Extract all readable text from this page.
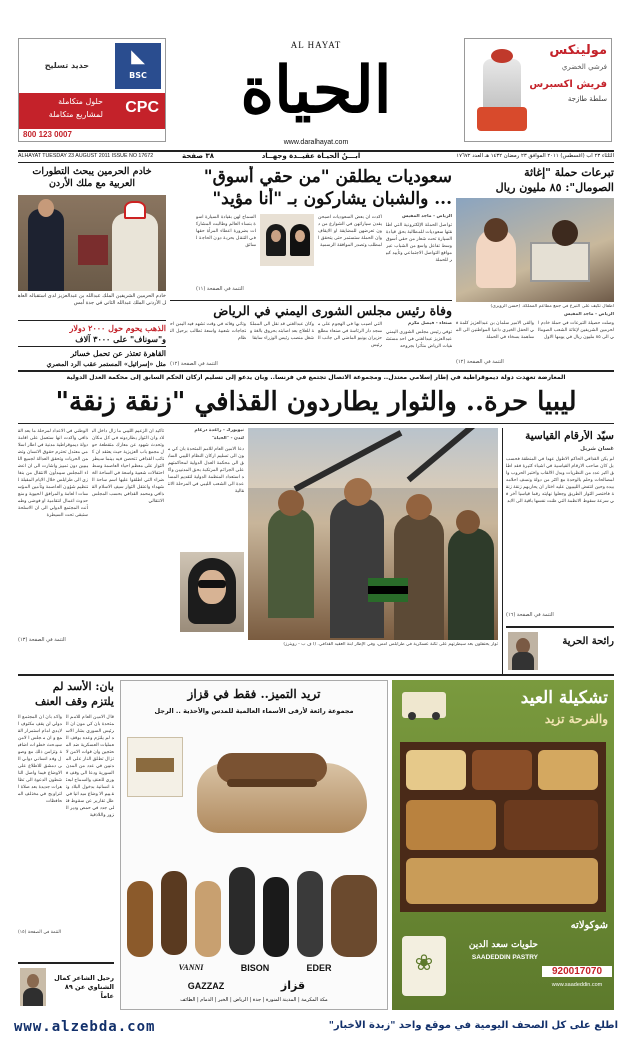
حديد تسليح	◣
BSC
CPC
حلول متكاملة
لمشاريع متكاملة
800 123 0007
AL HAYAT
الحياة
www.daralhayat.com
مولينكس
فرشي الخضري
فريش اكسبرس
سلطة طازجة
ALHAYAT TUESDAY 23 AUGUST 2011 ISSUE NO 17672	٣٨ صفحة	ابـــنُ الحيـاة عقيــدة وجهــاد	الثلثاء ٢٣ آب (أغسطس) ٢٠١١ الموافق ٢٣ رمضان ١٤٣٢ هـ العدد ١٧٦٧٢
خادم الحرمين يبحث التطورات العربية مع ملك الأردن
خادم الحرمين الشريفين الملك عبدالله بن عبدالعزيز لدى استقباله العاهل الأردني الملك عبدالله الثاني في جدة أمس
الذهب يحوم حول ٢٠٠٠ دولار
و"سوناف" على ٣٠٠٠ آلاف
القاهرة تعتذر عن تحمل خسائر
مثل «إسرائيل» المستمر عقب الرد المصري
سعوديات يطلقن "من حقي أسوق"
... والشبان يشاركون بـ "أنا مؤيد"
الرياض - ماجد المفيس
تواصل الحملة الإلكترونية التي أطلقتها سعوديات للمطالبة بحق قيادة السيارة تحت شعار من حقي أسوق وسط تفاعل واسع من الشباب عبر مواقع التواصل الاجتماعي وتأييد كبير للحملة
اكدت ان بعض السعوديات اصبحن يقدن سياراتهن في الشوارع من دون تعرضهن للمضايقة او الايقاف وان الحملة ستستمر حتى يتحقق المطلب وتصدر الموافقة الرسمية
السماح لهن بقيادة السيارة أسوة بنساء العالم وطالبت المشاركات بضرورة اعطاء المرأة حقها في التنقل بحرية دون الحاجة لسائق
التتمة في الصفحة (١١)
تبرعات حملة "إغاثة
الصومال": ٨٥ مليون ريال
أطفال تكيف على التبرع في جمع مطاعم المملكة. (حسن الزويري)
الرياض - ماجد المفيس
وصلت حصيلة التبرعات في حملة خادم الحرمين الشريفين لإغاثة الشعب الصومالي الى ٨٥ مليون ريال في يومها الاول
والقى الامير سلمان بن عبدالعزيز كلمة في الحفل الخيري داعيا المواطنين الى المساهمة بسخاء في الحملة
التتمة في الصفحة (١٢)
وفاة رئيس مجلس الشورى اليمني في الرياض
صنعاء - فيصل مكرم
توفي رئيس مجلس الشورى اليمني عبدالعزيز عبدالغني في احد مستشفيات الرياض متأثرا بجروحه
التي اصيب بها في الهجوم على مسجد دار الرئاسة في صنعاء مطلع حزيران يونيو الماضي الى جانب الرئيس
وكان عبدالغني قد نقل الى المملكة للعلاج بعد اصابته بحروق بالغة وشغل منصب رئيس الوزراء سابقا
وتأتي وفاته في وقت تشهد فيه اليمن احتجاجات شعبية واسعة تطالب برحيل النظام
التتمة في الصفحة (١٢)
المعارضة تعهدت دولة ديموقراطية في إطار إسلامي معتدل.. ومجموعة الاتصال تجتمع في فرنسا.. وبان يدعو إلى تسليم أركان الحكم السابق إلى محكمة العدل الدولية
ليبيا حرة.. والثوار يطاردون القذافي "زنقة زنقة"
الوطني في الاعداد لمرحلة ما بعد القذافي واكدت انها ستعمل على اقامة دولة ديموقراطية مدنية في اطار اسلامي معتدل تحترم حقوق الانسان وتضمن الحريات وتحقق العدالة لجميع الليبيين دون تمييز واشارت الى ان اعضاء المجلس سيبدأون الانتقال من بنغازي الى طرابلس خلال الايام المقبلة لتنظيم شؤون العاصمة وتأمين المؤسسات العامة والمرافق الحيوية ومنع حدوث اعمال انتقامية او فوضى وطمأنت المجتمع الدولي الى ان الاسلحة ستبقى تحت السيطرة
التتمة في الصفحة (١٣)
تأكيد ان الزعيم الليبي ما زال داخل البلاد وان الثوار يطاردونه في كل مكان وتحدث شهود عن معارك متقطعة حول مجمع باب العزيزية حيث يعتقد ان كتائب القذافي تتحصن فيه بينما سيطر الثوار على معظم احياء العاصمة وسط احتفالات شعبية واسعة في الساحة الخضراء التي اطلقوا عليها اسم ساحة الشهداء واعتقل الثوار سيف الاسلام القذافي ومحمد القذافي بحسب المجلس الانتقالي
نيويورك - راغدة درغام
لندن - "الحياة"
دعا الامين العام للامم المتحدة بان كي مون الى تسليم اركان النظام الليبي السابق الى محكمة العدل الدولية لمحاكمتهم على الجرائم المرتكبة بحق المدنيين واكد استعداد المنظمة الدولية لتقديم المساعدة الى الشعب الليبي في المرحلة الانتقالية
ثوار يحتفلون بعد سيطرتهم على ثكنة عسكرية في طرابلس أمس، وفي الإطار ابنة العقيد القذافي. (أ ف ب - رويترز)
سيّد الأرقام القياسية
غسان شربل
لم يكن القذافي الحاكم الاطول عهدا في المنطقة فحسب بل كان صاحب الارقام القياسية في اشياء كثيرة فقد اطلق اكبر عدد من النظريات وبدل الالقاب واختبر الحروب والمصالحات وحلم بالوحدة مع اكثر من دولة ونسف احلامه بيده وحين انتفض الليبيون عليه اختار ان يحاربهم زنقة زنقة فاختصر الثوار الطريق وجعلوا نهايته رقما قياسيا آخر في سرعة سقوط الانظمة التي ظنت نفسها باقية الى الابد
التتمة في الصفحة (١٦)
رائحة الحرية
بان: الأسد لم
يلتزم وقف العنف
قال الامين العام للامم المتحدة بان كي مون ان الرئيس السوري بشار الاسد لم يلتزم وعده بوقف العمليات العسكرية ضد المحتجين وان قوات الامن لا تزال تطلق النار على المدنيين في عدد من المدن السورية ودعا الى وقف فوري للعنف والسماح لبعثة انسانية بدخول البلاد وتقييم الاوضاع ميدانيا في ظل تقارير عن سقوط قتلى جدد في حمص ودير الزور واللاذقية
واكد بان ان المجتمع الدولي لن يقف مكتوف الايدي امام استمرار القمع وان مجلس الامن سيبحث خطوات اضافية وتزامن ذلك مع وصول وفد انساني دولي الى دمشق للاطلاع على الاوضاع فيما واصل الناشطون الدعوة الى تظاهرات جديدة بعد صلاة التراويح في مختلف المحافظات
التتمة في الصفحة (١٥)
رحيل الشاعر كمال الشناوي عن ٨٩ عاماً
تريد التميز.. فقط في قزاز
مجموعة رائعة لأرقى الأسماء العالمية للمدس والأحذية .. الرجل
VANNI	BISON	EDER
GAZZAZ	قزاز
مكة المكرمة | المدينة المنورة | جدة | الرياض | الخبر | الدمام | الطائف
تشكيلة العيد
والفرحة تزيد
شوكولاته
❀
حلويات سعد الدين
SAADEDDIN PASTRY
920017070
www.saadeddin.com
www.alzebda.com	اطلع على كل الصحف اليومية في موقع واحد "زبدة الأخبار"
